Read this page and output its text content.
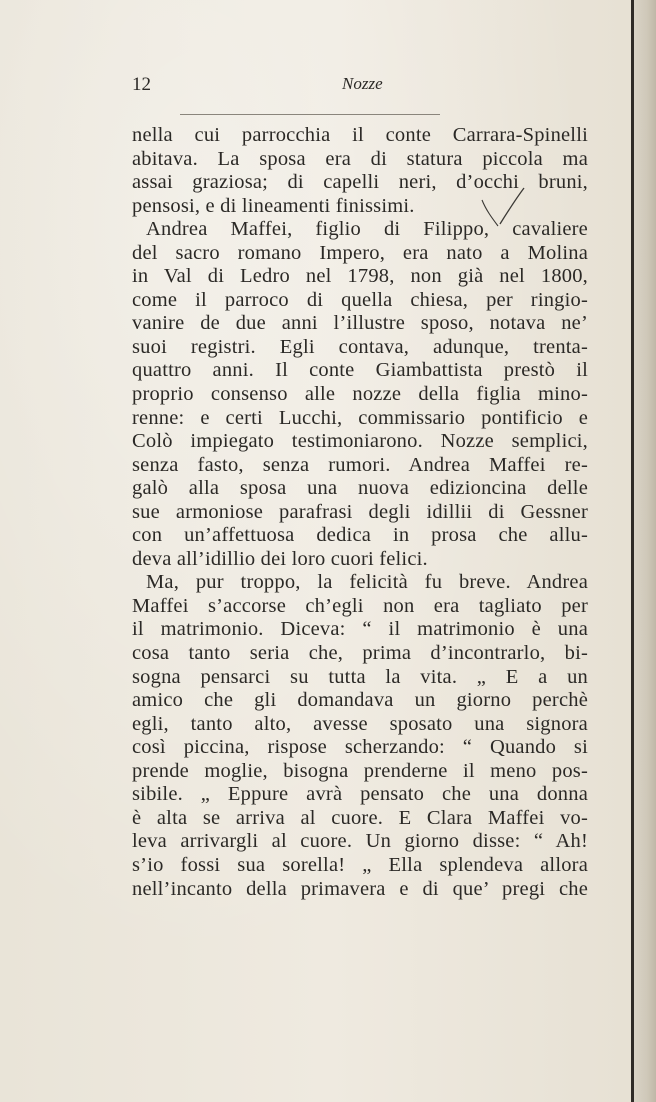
12	Nozze
nella cui parrocchia il conte Carrara-Spinelli
abitava. La sposa era di statura piccola ma
assai graziosa; di capelli neri, d’occhi bruni,
pensosi, e di lineamenti finissimi.
Andrea Maffei, figlio di Filippo, cavaliere
del sacro romano Impero, era nato a Molina
in Val di Ledro nel 1798, non già nel 1800,
come il parroco di quella chiesa, per ringio-
vanire de due anni l’illustre sposo, notava ne’
suoi registri. Egli contava, adunque, trenta-
quattro anni. Il conte Giambattista prestò il
proprio consenso alle nozze della figlia mino-
renne: e certi Lucchi, commissario pontificio e
Colò impiegato testimoniarono. Nozze semplici,
senza fasto, senza rumori. Andrea Maffei re-
galò alla sposa una nuova edizioncina delle
sue armoniose parafrasi degli idillii di Gessner
con un’affettuosa dedica in prosa che allu-
deva all’idillio dei loro cuori felici.
Ma, pur troppo, la felicità fu breve. Andrea
Maffei s’accorse ch’egli non era tagliato per
il matrimonio. Diceva: “ il matrimonio è una
cosa tanto seria che, prima d’incontrarlo, bi-
sogna pensarci su tutta la vita. „ E a un
amico che gli domandava un giorno perchè
egli, tanto alto, avesse sposato una signora
così piccina, rispose scherzando: “ Quando si
prende moglie, bisogna prenderne il meno pos-
sibile. „ Eppure avrà pensato che una donna
è alta se arriva al cuore. E Clara Maffei vo-
leva arrivargli al cuore. Un giorno disse: “ Ah!
s’io fossi sua sorella! „ Ella splendeva allora
nell’incanto della primavera e di que’ pregi che
